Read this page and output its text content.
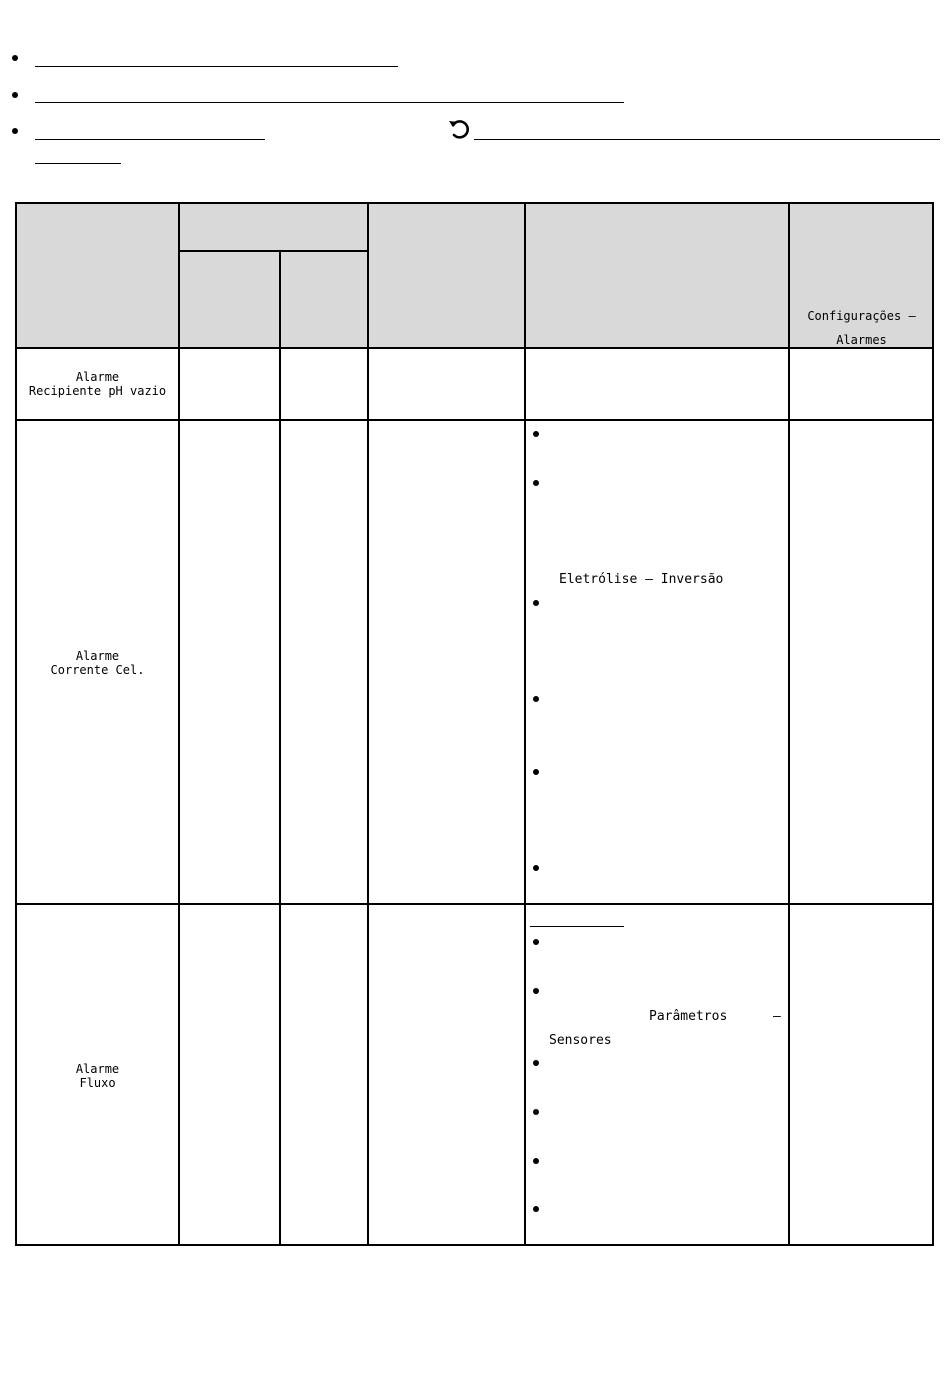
Configurações –
Alarmes
Alarme
Recipiente pH vazio
Alarme
Corrente Cel.
Eletrólise – Inversão
Alarme
Fluxo
Parâmetros	–
Sensores
